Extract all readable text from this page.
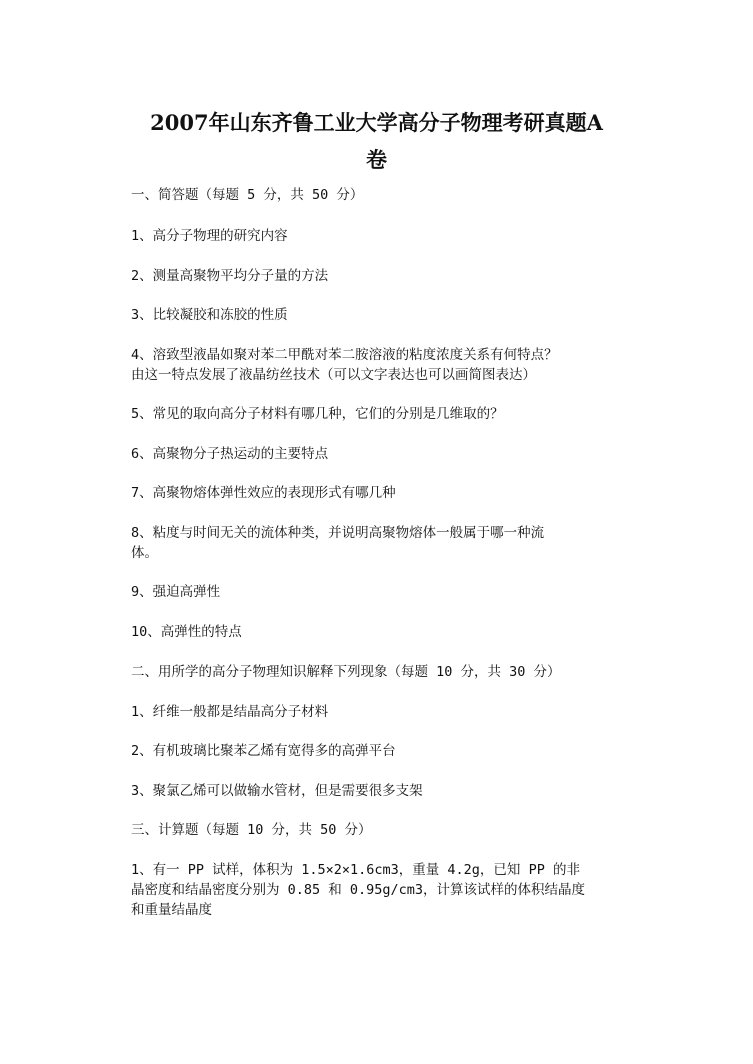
2007年山东齐鲁工业大学高分子物理考研真题A
卷

一、简答题（每题 5 分，共 50 分）

1、高分子物理的研究内容

2、测量高聚物平均分子量的方法

3、比较凝胶和冻胶的性质

4、溶致型液晶如聚对苯二甲酰对苯二胺溶液的粘度浓度关系有何特点？

由这一特点发展了液晶纺丝技术（可以文字表达也可以画简图表达）

5、常见的取向高分子材料有哪几种，它们的分别是几维取的？

6、高聚物分子热运动的主要特点

7、高聚物熔体弹性效应的表现形式有哪几种

8、粘度与时间无关的流体种类，并说明高聚物熔体一般属于哪一种流

体。

9、强迫高弹性

10、高弹性的特点

二、用所学的高分子物理知识解释下列现象（每题 10 分，共 30 分）

1、纤维一般都是结晶高分子材料

2、有机玻璃比聚苯乙烯有宽得多的高弹平台

3、聚氯乙烯可以做输水管材，但是需要很多支架

三、计算题（每题 10 分，共 50 分）

1、有一 PP 试样，体积为 1.5×2×1.6cm3，重量 4.2g，已知 PP 的非

晶密度和结晶密度分别为 0.85 和 0.95g/cm3，计算该试样的体积结晶度

和重量结晶度
